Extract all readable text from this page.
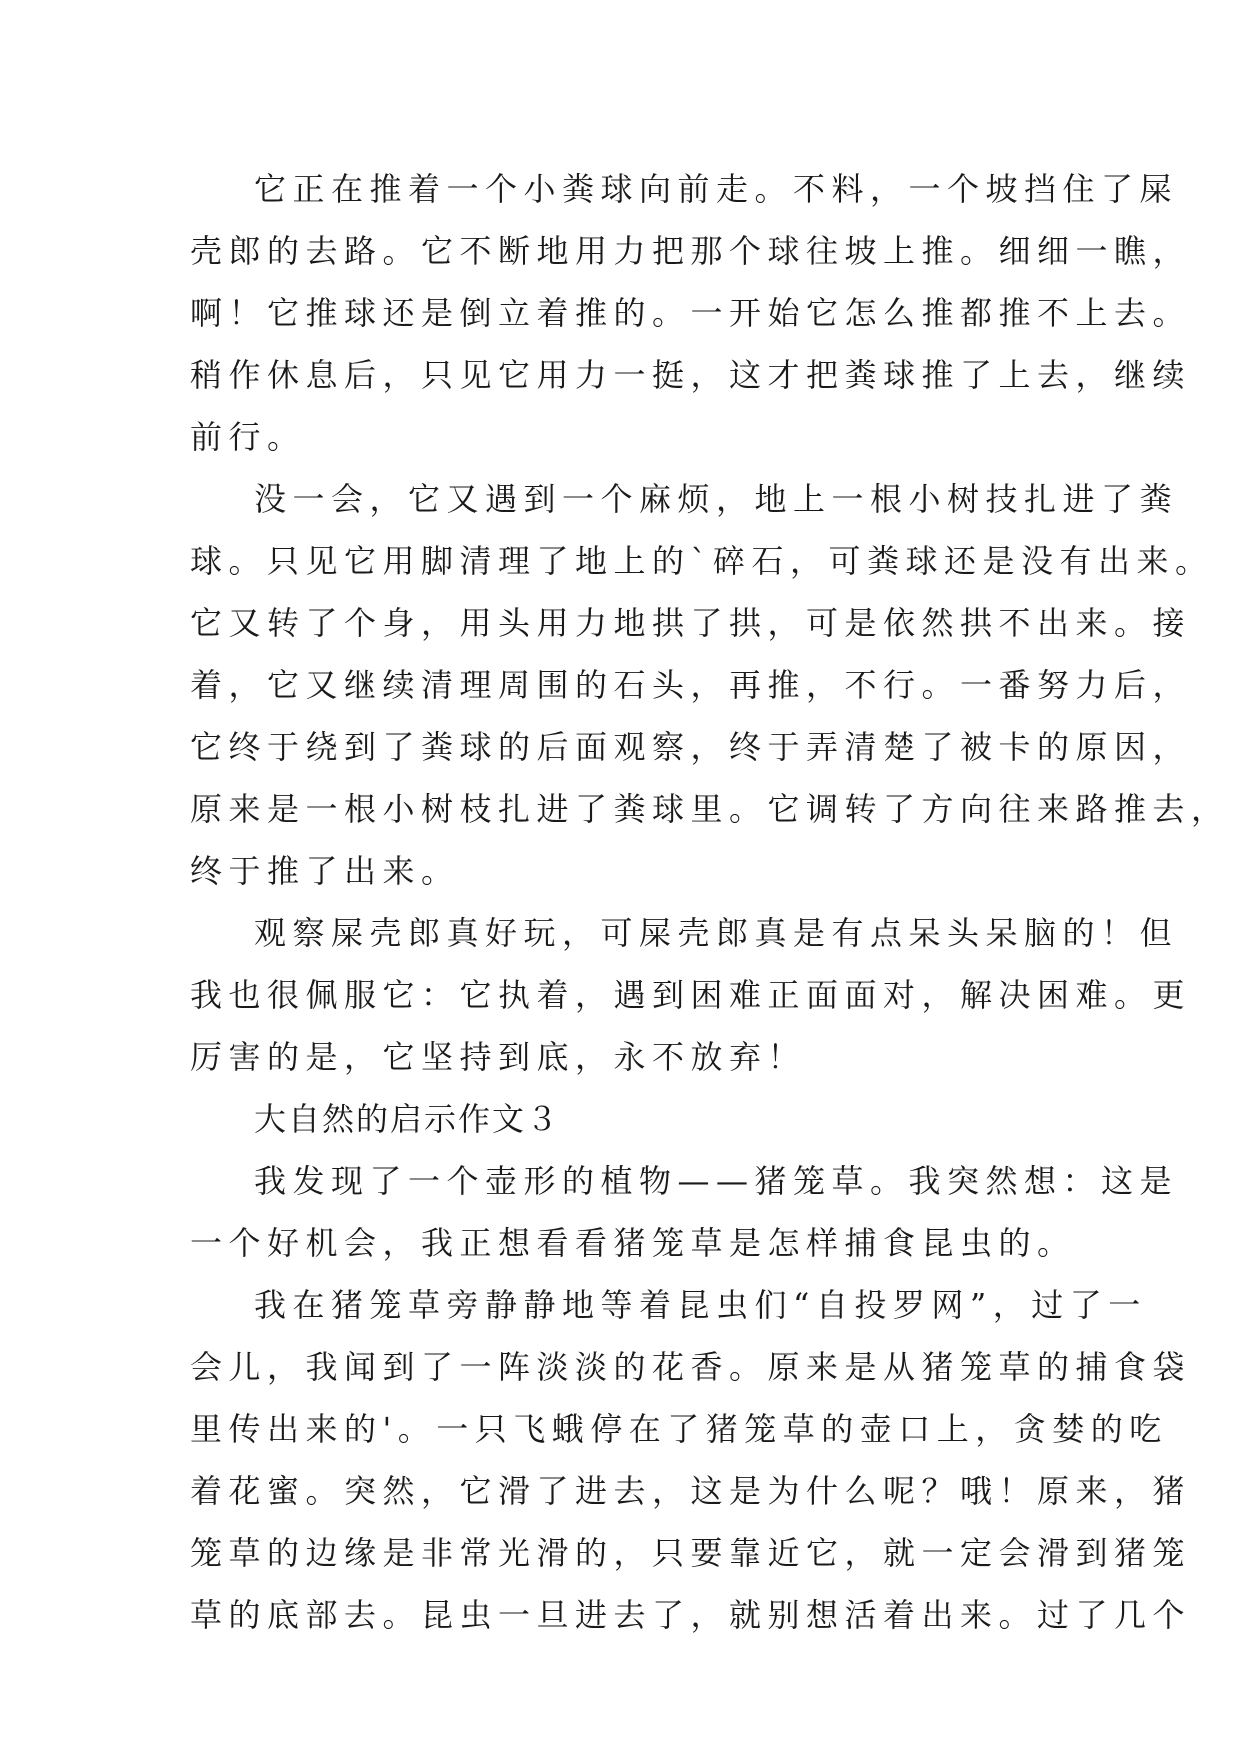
它正在推着一个小粪球向前走。不料，一个坡挡住了屎
壳郎的去路。它不断地用力把那个球往坡上推。细细一瞧，
啊！它推球还是倒立着推的。一开始它怎么推都推不上去。
稍作休息后，只见它用力一挺，这才把粪球推了上去，继续
前行。
没一会，它又遇到一个麻烦，地上一根小树技扎进了粪
球。只见它用脚清理了地上的`碎石，可粪球还是没有出来。
它又转了个身，用头用力地拱了拱，可是依然拱不出来。接
着，它又继续清理周围的石头，再推，不行。一番努力后，
它终于绕到了粪球的后面观察，终于弄清楚了被卡的原因，
原来是一根小树枝扎进了粪球里。它调转了方向往来路推去，
终于推了出来。
观察屎壳郎真好玩，可屎壳郎真是有点呆头呆脑的！但
我也很佩服它：它执着，遇到困难正面面对，解决困难。更
厉害的是，它坚持到底，永不放弃！
大自然的启示作文３
我发现了一个壶形的植物——猪笼草。我突然想：这是
一个好机会，我正想看看猪笼草是怎样捕食昆虫的。
我在猪笼草旁静静地等着昆虫们“自投罗网”，过了一
会儿，我闻到了一阵淡淡的花香。原来是从猪笼草的捕食袋
里传出来的'。一只飞蛾停在了猪笼草的壶口上，贪婪的吃
着花蜜。突然，它滑了进去，这是为什么呢？哦！原来，猪
笼草的边缘是非常光滑的，只要靠近它，就一定会滑到猪笼
草的底部去。昆虫一旦进去了，就别想活着出来。过了几个
